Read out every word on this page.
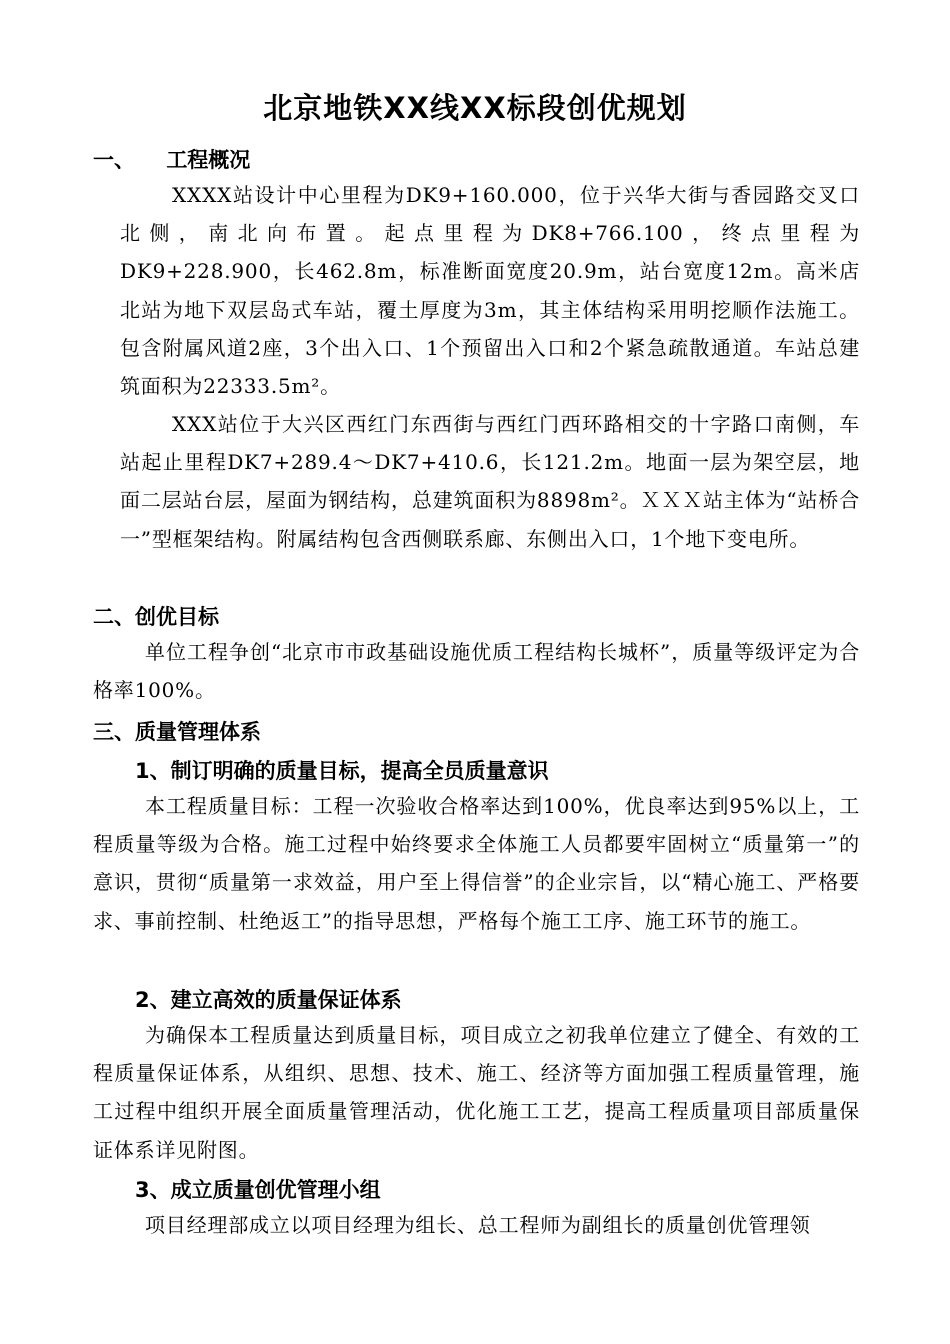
北京地铁XX线XX标段创优规划
一、 工程概况
XXXX站设计中心里程为DK9+160.000，位于兴华大街与香园路交叉口北侧，南北向布置。起点里程为DK8+766.100，终点里程为DK9+228.900，长462.8m，标准断面宽度20.9m，站台宽度12m。高米店北站为地下双层岛式车站，覆土厚度为3m，其主体结构采用明挖顺作法施工。包含附属风道2座，3个出入口、1个预留出入口和2个紧急疏散通道。车站总建筑面积为22333.5m²。
XXX站位于大兴区西红门东西街与西红门西环路相交的十字路口南侧，车站起止里程DK7+289.4～DK7+410.6，长121.2m。地面一层为架空层，地面二层站台层，屋面为钢结构，总建筑面积为8898m²。ＸＸＸ站主体为“站桥合一”型框架结构。附属结构包含西侧联系廊、东侧出入口，1个地下变电所。
二、创优目标
单位工程争创“北京市市政基础设施优质工程结构长城杯”，质量等级评定为合格率100%。
三、质量管理体系
1、制订明确的质量目标，提高全员质量意识
本工程质量目标：工程一次验收合格率达到100%，优良率达到95%以上，工程质量等级为合格。施工过程中始终要求全体施工人员都要牢固树立“质量第一”的意识，贯彻“质量第一求效益，用户至上得信誉”的企业宗旨，以“精心施工、严格要求、事前控制、杜绝返工”的指导思想，严格每个施工工序、施工环节的施工。
2、建立高效的质量保证体系
为确保本工程质量达到质量目标，项目成立之初我单位建立了健全、有效的工程质量保证体系，从组织、思想、技术、施工、经济等方面加强工程质量管理，施工过程中组织开展全面质量管理活动，优化施工工艺，提高工程质量项目部质量保证体系详见附图。
3、成立质量创优管理小组
项目经理部成立以项目经理为组长、总工程师为副组长的质量创优管理领
